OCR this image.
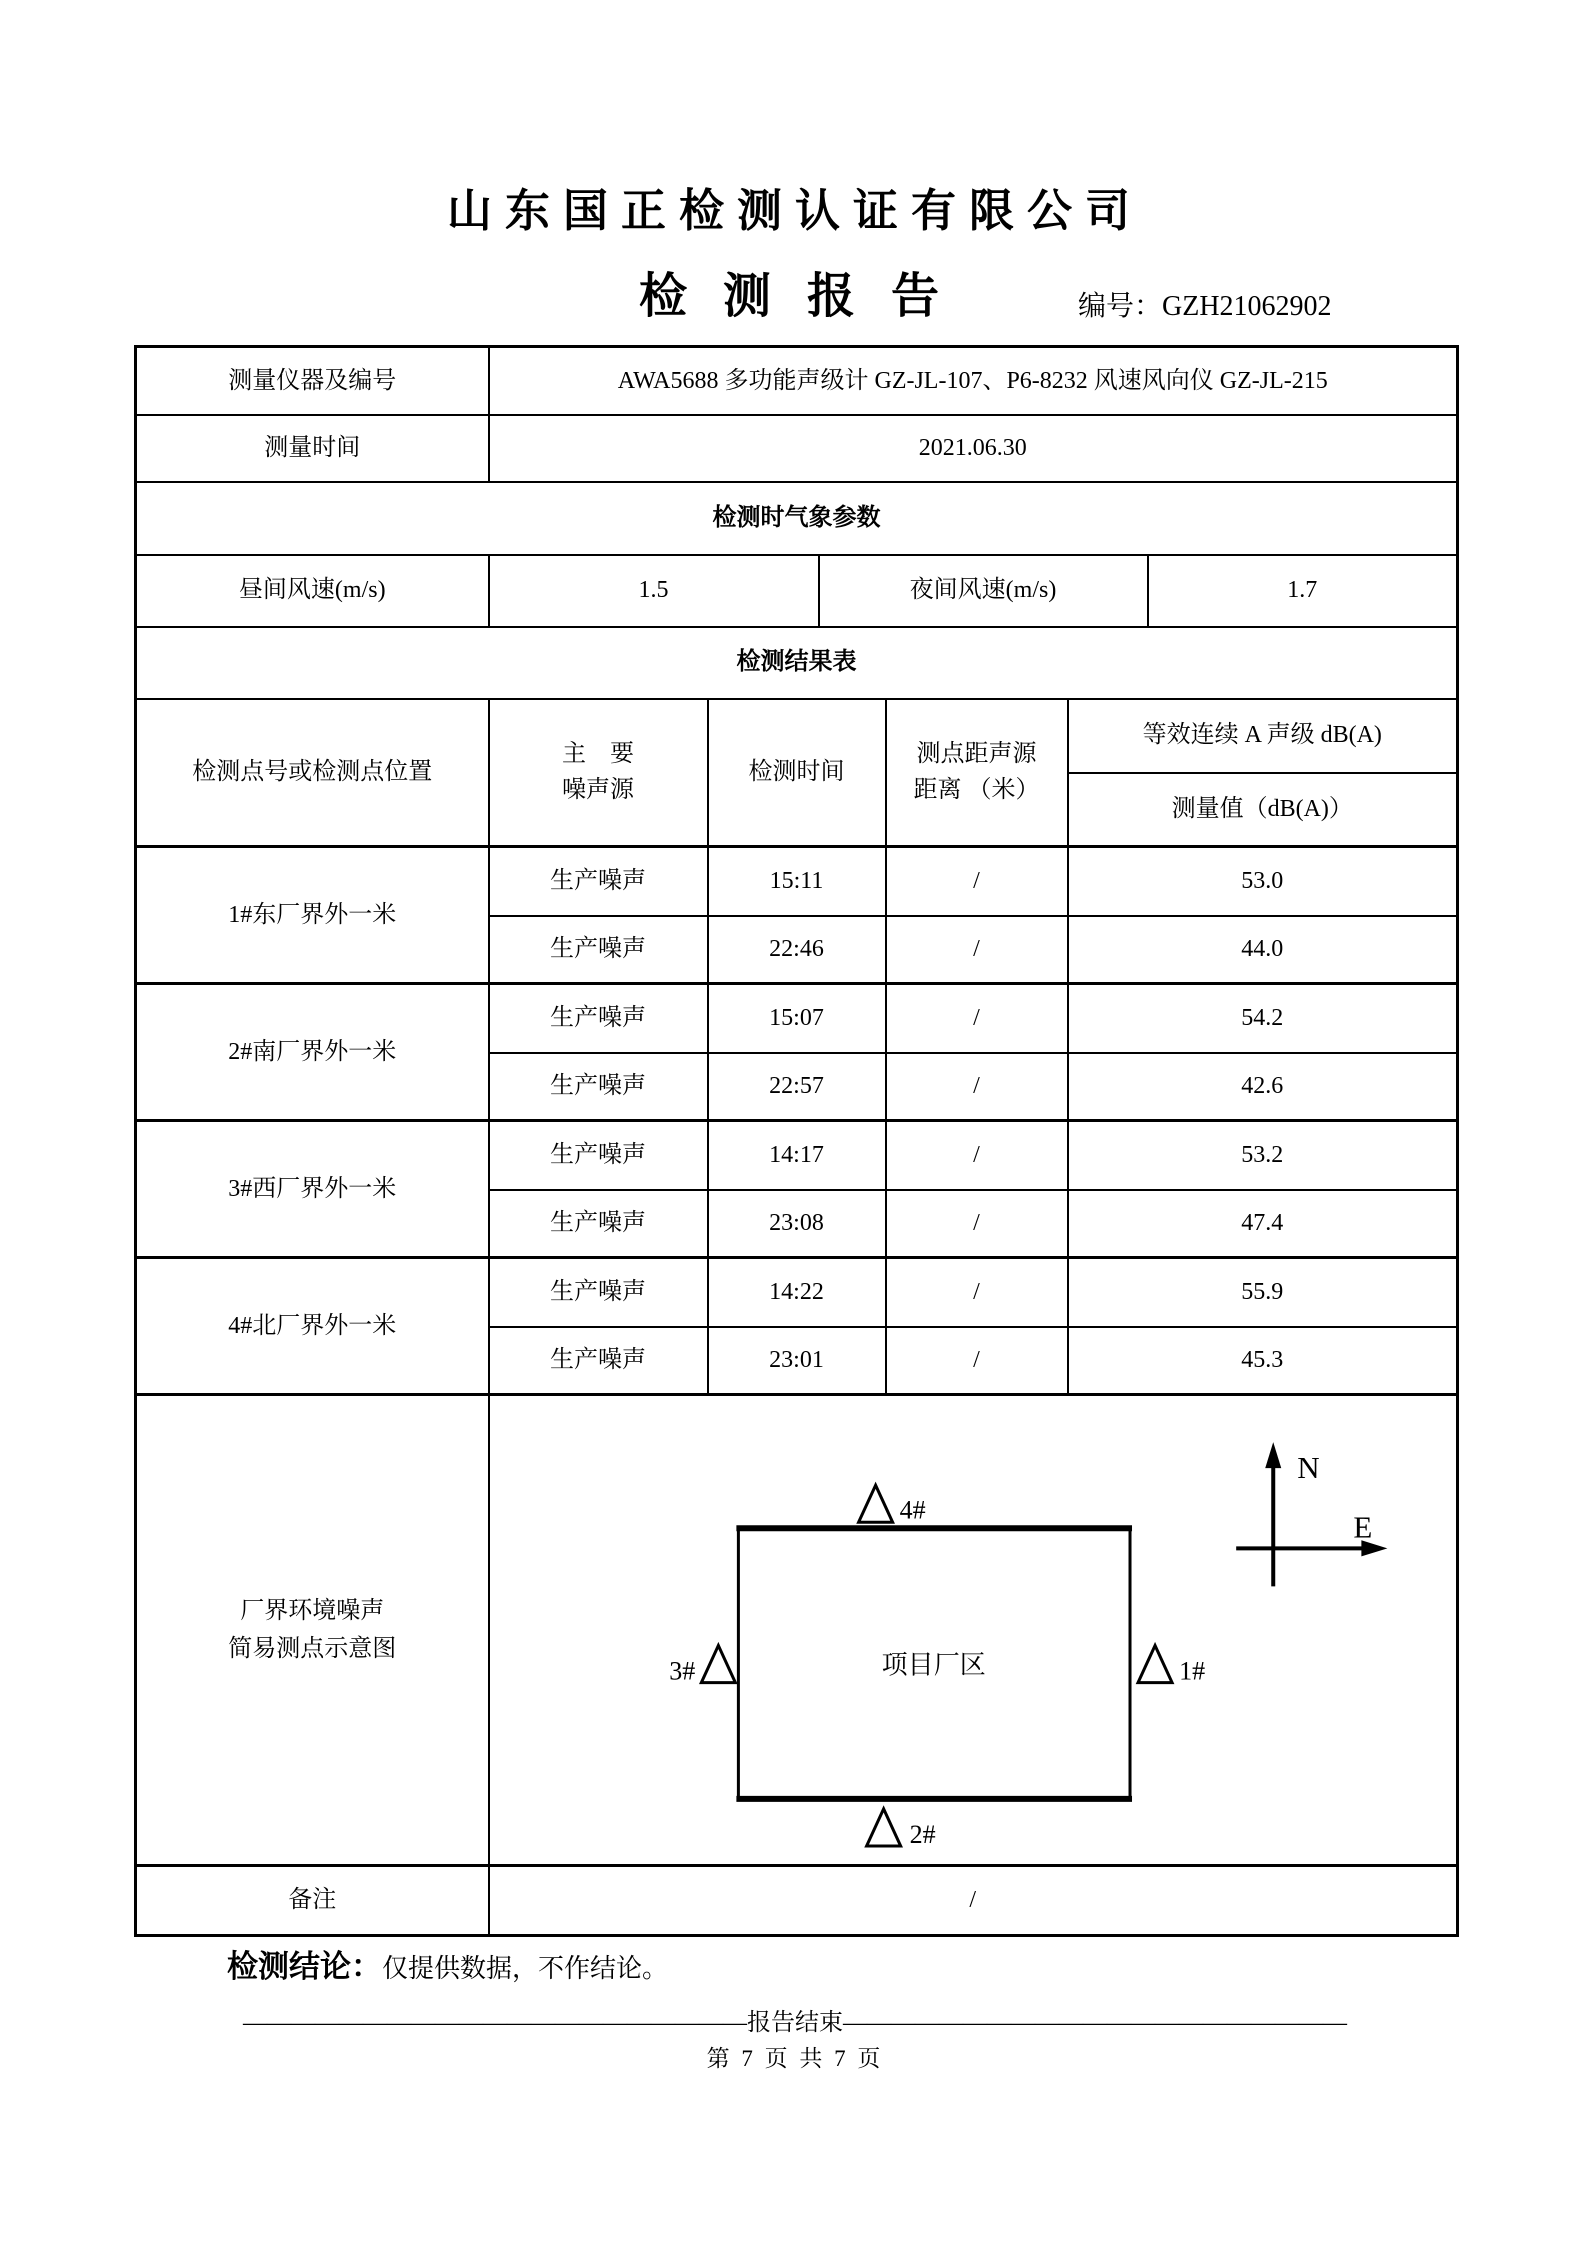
山东国正检测认证有限公司
检 测 报 告	编号：GZH21062902
测量仪器及编号	AWA5688 多功能声级计 GZ-JL-107、P6-8232 风速风向仪 GZ-JL-215					
测量时间	2021.06.30					
检测时气象参数						
昼间风速(m/s)	1.5		夜间风速(m/s)			1.7
检测结果表						
检测点号或检测点位置	
主　要
噪声源
	检测时间	
测点距声源
距离 （米）
	等效连续 A 声级 dB(A)
					测量值（dB(A)）	
1#东厂界外一米	生产噪声	15:11		/	53.0	
	生产噪声	22:46		/	44.0	
2#南厂界外一米	生产噪声	15:07		/	54.2	
	生产噪声	22:57		/	42.6	
3#西厂界外一米	生产噪声	14:17		/	53.2	
	生产噪声	23:08		/	47.4	
4#北厂界外一米	生产噪声	14:22		/	55.9	
	生产噪声	23:01		/	45.3	

厂界环境噪声
简易测点示意图

项目厂区
4#
2#
3#	1#
N
E

备注	/					
检测结论：仅提供数据，不作结论。
—————————————————————报告结束—————————————————————
第 7 页 共 7 页
